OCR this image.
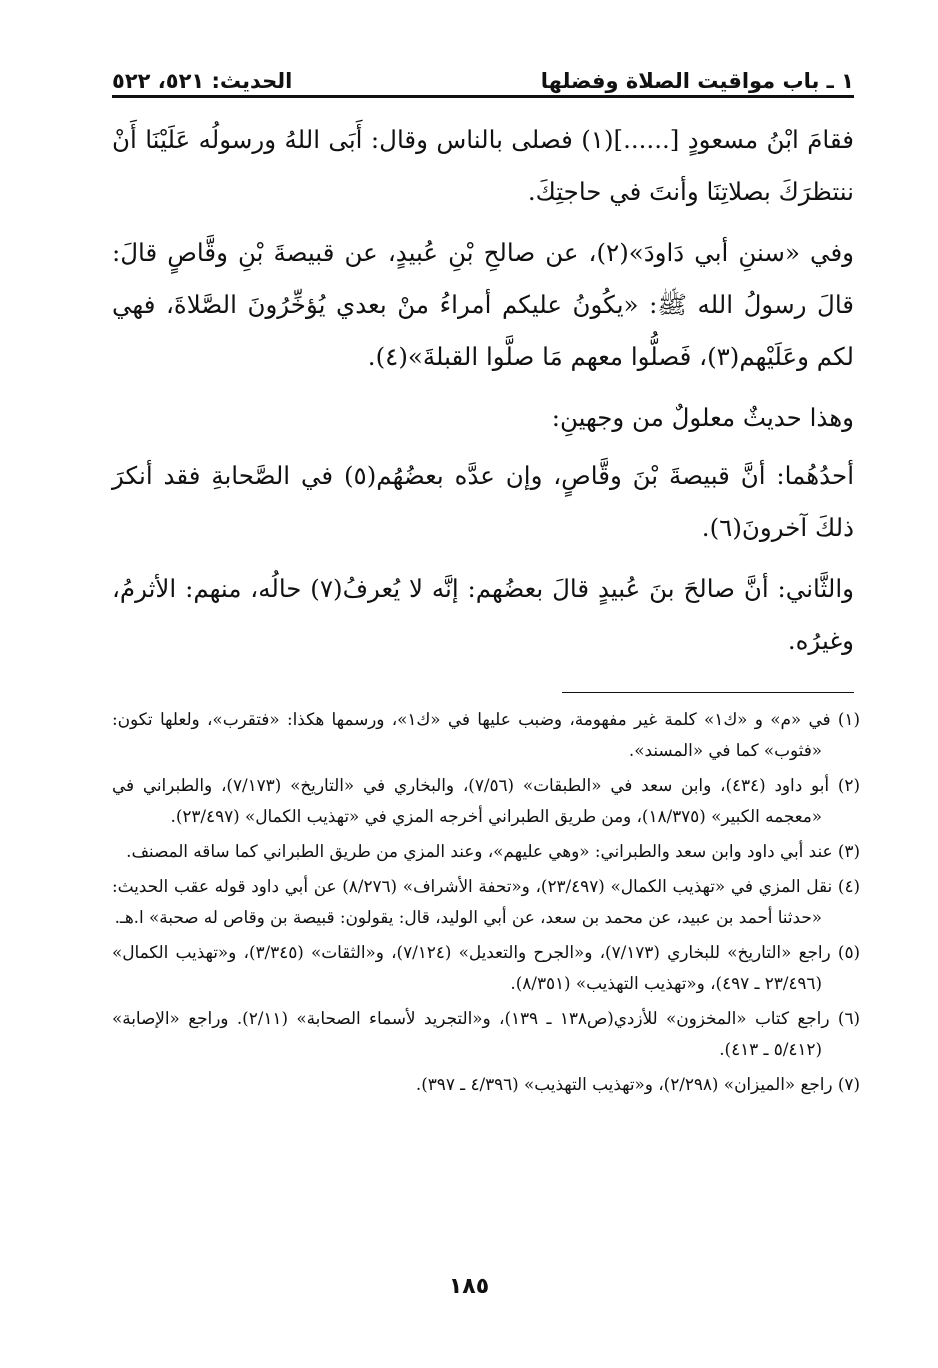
١ ـ باب مواقيت الصلاة وفضلها
الحديث: ٥٢١، ٥٢٢

فقامَ ابْنُ مسعودٍ [......](١) فصلى بالناس وقال: أَبَى اللهُ ورسولُه عَلَيْنَا أَنْ ننتظرَكَ بصلاتِنَا وأنتَ في حاجتِكَ.

وفي «سننِ أبي دَاودَ»(٢)، عن صالحِ بْنِ عُبيدٍ، عن قبيصةَ بْنِ وقَّاصٍ قالَ: قالَ رسولُ الله ﷺ: «يكُونُ عليكم أمراءُ منْ بعدي يُؤخِّرُونَ الصَّلاةَ، فهي لكم وعَلَيْهم(٣)، فَصلُّوا معهم مَا صلَّوا القبلةَ»(٤).

وهذا حديثٌ معلولٌ من وجهينِ:

أحدُهُما: أنَّ قبيصةَ بْنَ وقَّاصٍ، وإن عدَّه بعضُهُم(٥) في الصَّحابةِ فقد أنكرَ ذلكَ آخرونَ(٦).

والثَّاني: أنَّ صالحَ بنَ عُبيدٍ قالَ بعضُهم: إنَّه لا يُعرفُ(٧) حالُه، منهم: الأثرمُ، وغيرُه.

(١) في «م» و «ك١» كلمة غير مفهومة، وضبب عليها في «ك١»، ورسمها هكذا: «فتقرب»، ولعلها تكون: «فثوب» كما في «المسند».

(٢) أبو داود (٤٣٤)، وابن سعد في «الطبقات» (٧/٥٦)، والبخاري في «التاريخ» (٧/١٧٣)، والطبراني في «معجمه الكبير» (١٨/٣٧٥)، ومن طريق الطبراني أخرجه المزي في «تهذيب الكمال» (٢٣/٤٩٧).

(٣) عند أبي داود وابن سعد والطبراني: «وهي عليهم»، وعند المزي من طريق الطبراني كما ساقه المصنف.

(٤) نقل المزي في «تهذيب الكمال» (٢٣/٤٩٧)، و«تحفة الأشراف» (٨/٢٧٦) عن أبي داود قوله عقب الحديث: «حدثنا أحمد بن عبيد، عن محمد بن سعد، عن أبي الوليد، قال: يقولون: قبيصة بن وقاص له صحبة» ا.هـ.

(٥) راجع «التاريخ» للبخاري (٧/١٧٣)، و«الجرح والتعديل» (٧/١٢٤)، و«الثقات» (٣/٣٤٥)، و«تهذيب الكمال» (٢٣/٤٩٦ ـ ٤٩٧)، و«تهذيب التهذيب» (٨/٣٥١).

(٦) راجع كتاب «المخزون» للأزدي(ص١٣٨ ـ ١٣٩)، و«التجريد لأسماء الصحابة» (٢/١١). وراجع «الإصابة» (٥/٤١٢ ـ ٤١٣).

(٧) راجع «الميزان» (٢/٢٩٨)، و«تهذيب التهذيب» (٤/٣٩٦ ـ ٣٩٧).

١٨٥
